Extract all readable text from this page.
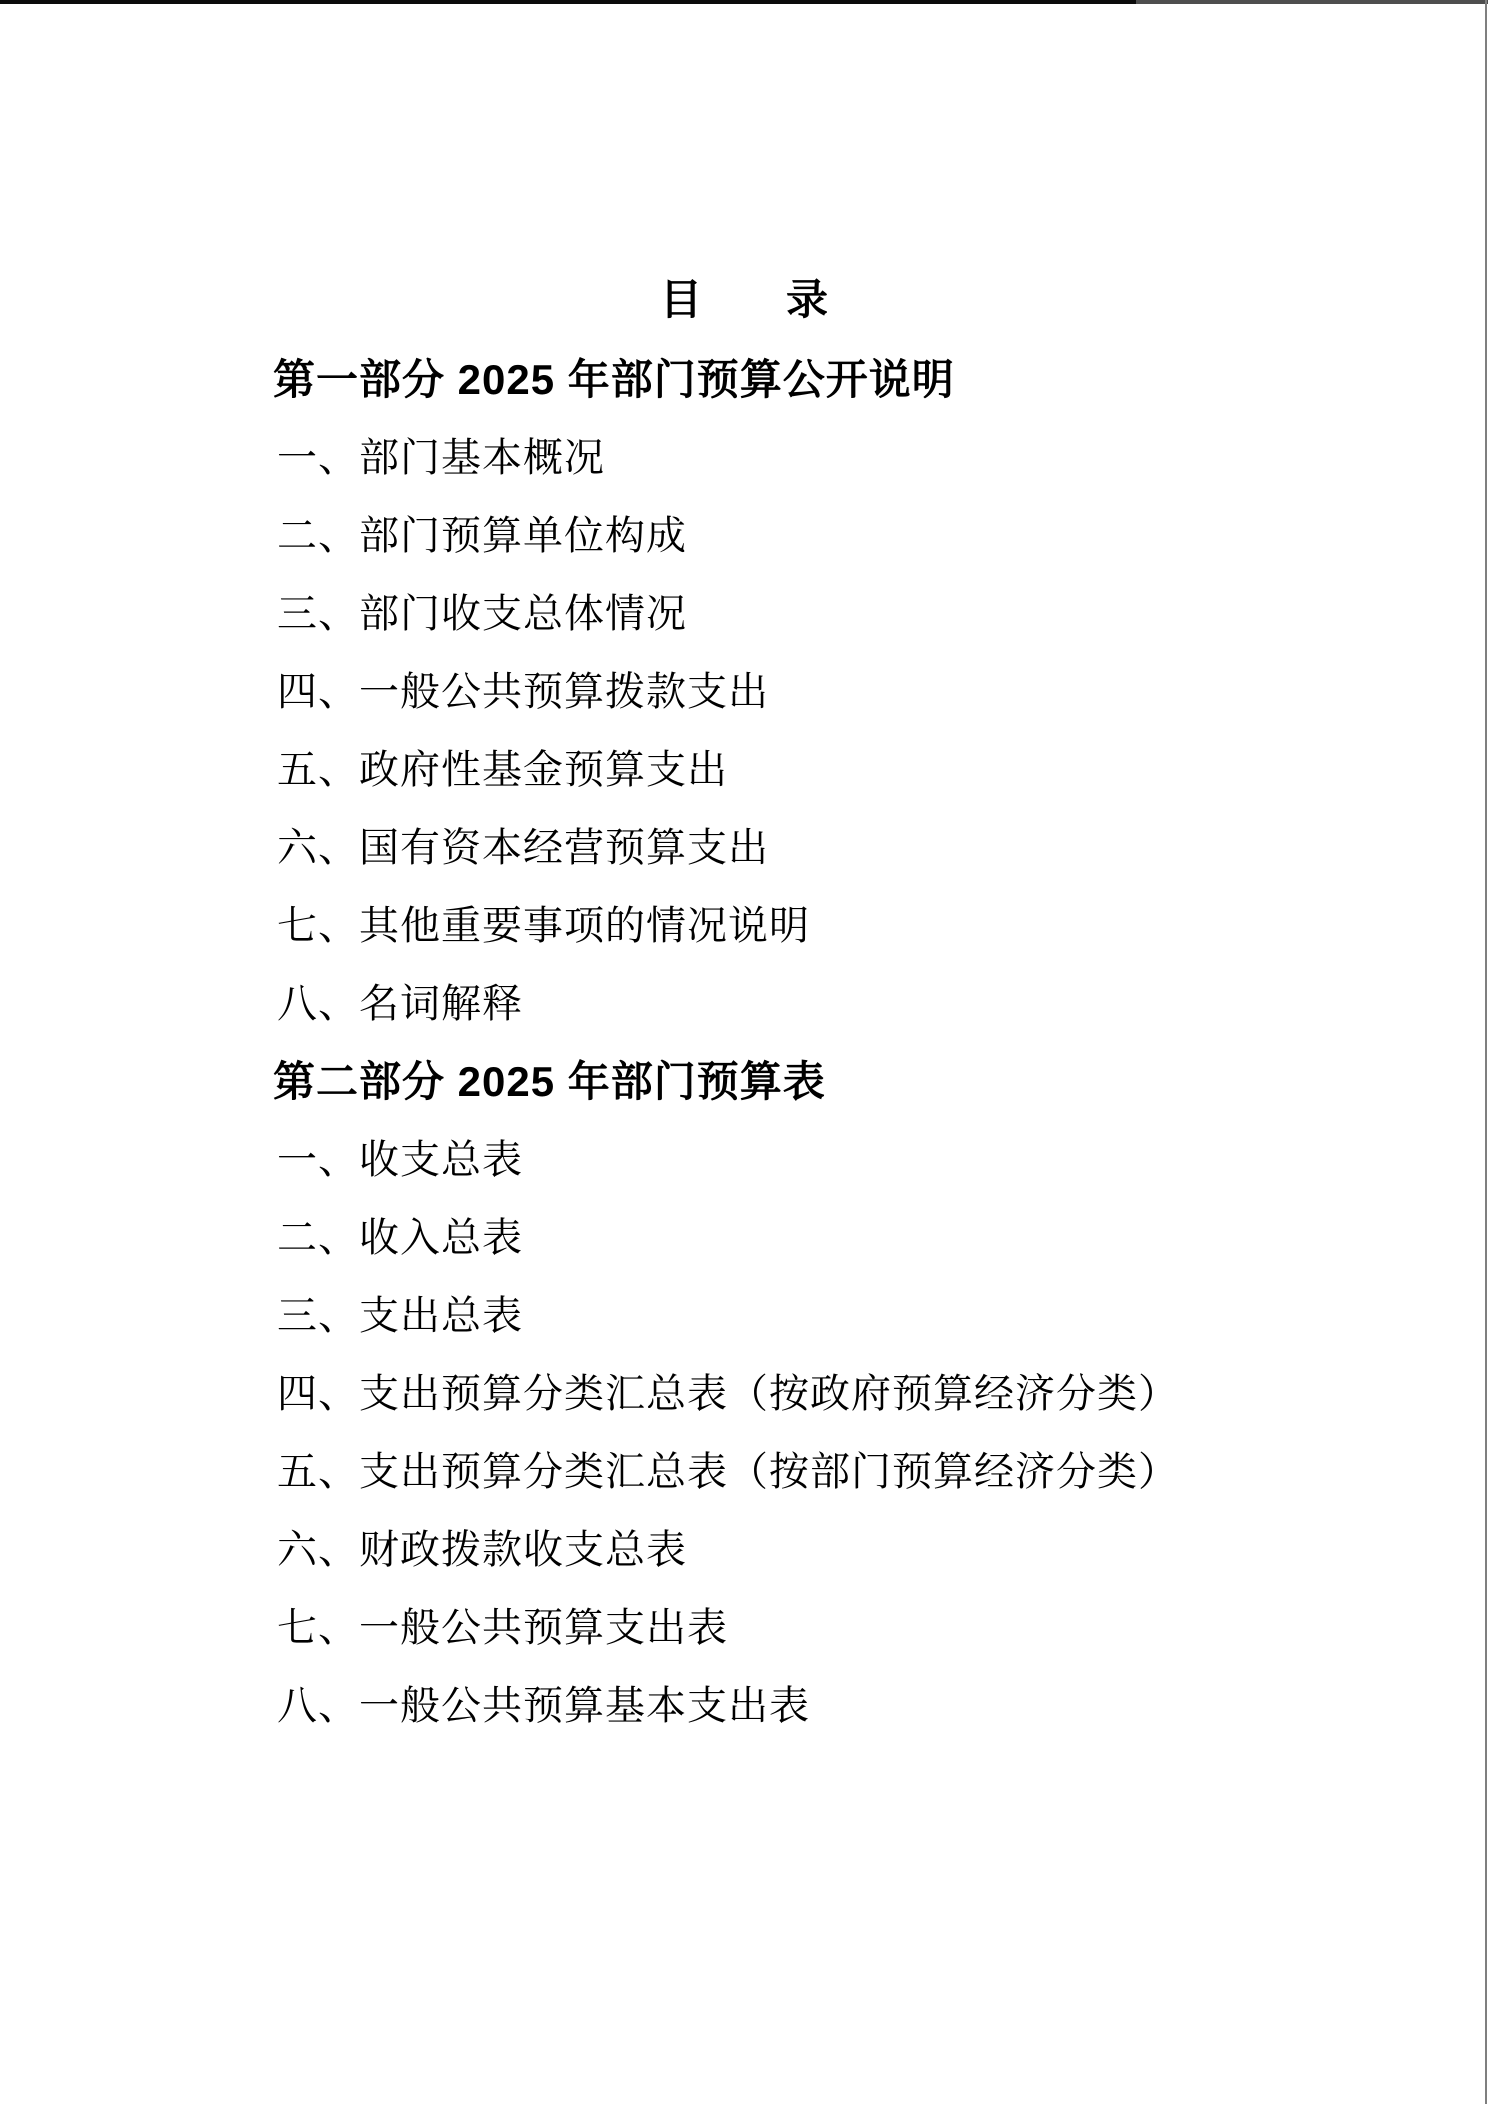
目　　录
第一部分 2025 年部门预算公开说明
一、部门基本概况
二、部门预算单位构成
三、部门收支总体情况
四、一般公共预算拨款支出
五、政府性基金预算支出
六、国有资本经营预算支出
七、其他重要事项的情况说明
八、名词解释
第二部分 2025 年部门预算表
一、收支总表
二、收入总表
三、支出总表
四、支出预算分类汇总表（按政府预算经济分类）
五、支出预算分类汇总表（按部门预算经济分类）
六、财政拨款收支总表
七、一般公共预算支出表
八、一般公共预算基本支出表
